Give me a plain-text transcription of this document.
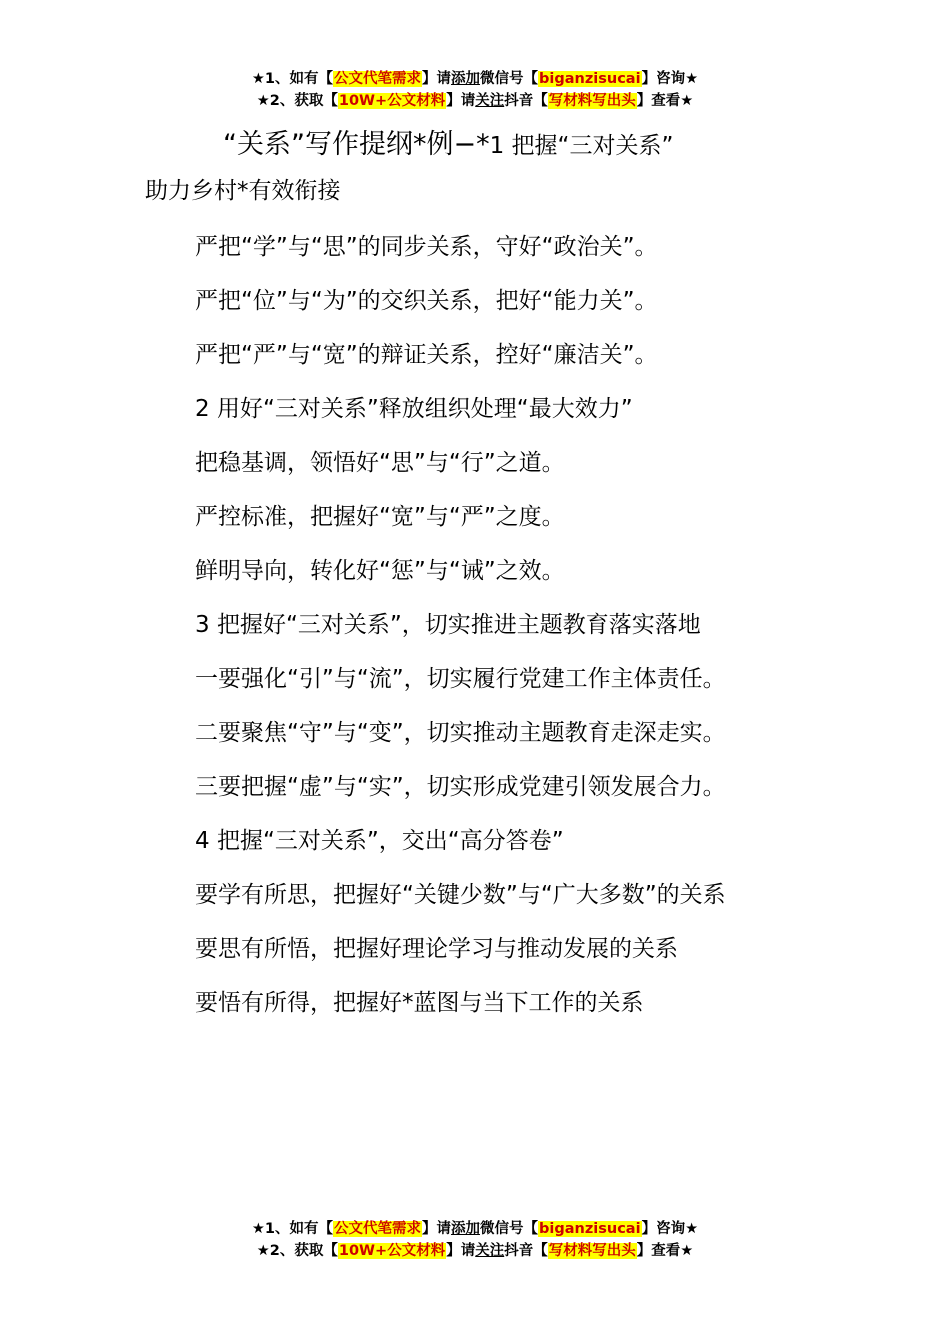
★1、如有【公文代笔需求】请添加微信号【biganzisucai】咨询★
★2、获取【10W+公文材料】请关注抖音【写材料写出头】查看★
“关系”写作提纲*例−*1 把握“三对关系”
助力乡村*有效衔接
严把“学”与“思”的同步关系，守好“政治关”。
严把“位”与“为”的交织关系，把好“能力关”。
严把“严”与“宽”的辩证关系，控好“廉洁关”。
2 用好“三对关系”释放组织处理“最大效力”
把稳基调，领悟好“思”与“行”之道。
严控标准，把握好“宽”与“严”之度。
鲜明导向，转化好“惩”与“诫”之效。
3 把握好“三对关系”，切实推进主题教育落实落地
一要强化“引”与“流”，切实履行党建工作主体责任。
二要聚焦“守”与“变”，切实推动主题教育走深走实。
三要把握“虚”与“实”，切实形成党建引领发展合力。
4 把握“三对关系”，交出“高分答卷”
要学有所思，把握好“关键少数”与“广大多数”的关系
要思有所悟，把握好理论学习与推动发展的关系
要悟有所得，把握好*蓝图与当下工作的关系
★1、如有【公文代笔需求】请添加微信号【biganzisucai】咨询★
★2、获取【10W+公文材料】请关注抖音【写材料写出头】查看★
